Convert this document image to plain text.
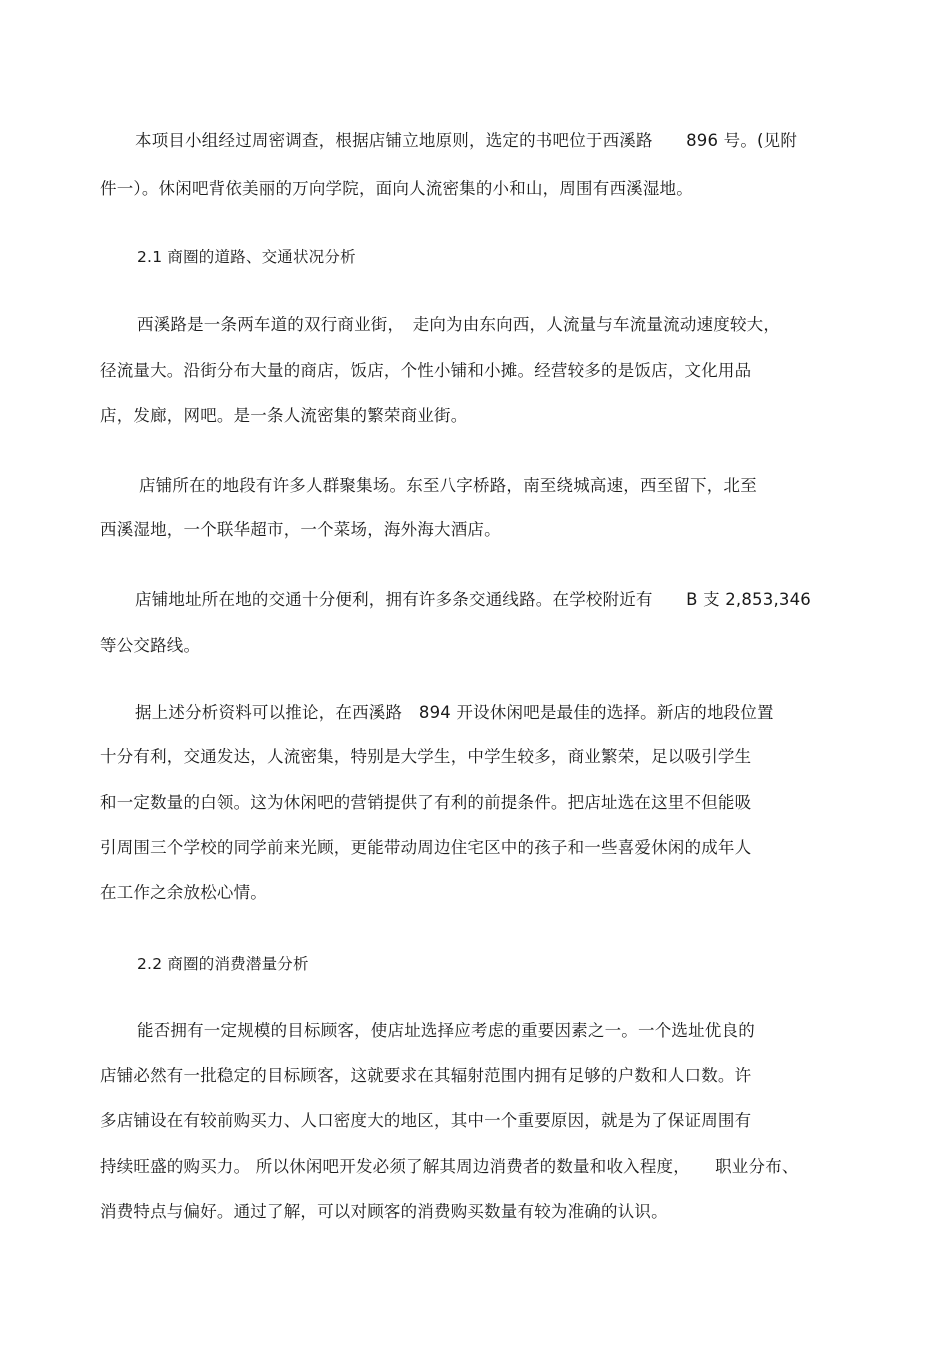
本项目小组经过周密调查，根据店铺立地原则，选定的书吧位于西溪路　　896 号。(见附
件一）。休闲吧背依美丽的万向学院，面向人流密集的小和山，周围有西溪湿地。
2.1 商圈的道路、交通状况分析
西溪路是一条两车道的双行商业街，　走向为由东向西，人流量与车流量流动速度较大，
径流量大。沿街分布大量的商店，饭店，个性小铺和小摊。经营较多的是饭店，文化用品
店，发廊，网吧。是一条人流密集的繁荣商业街。
店铺所在的地段有许多人群聚集场。东至八字桥路，南至绕城高速，西至留下，北至
西溪湿地，一个联华超市，一个菜场，海外海大酒店。
店铺地址所在地的交通十分便利，拥有许多条交通线路。在学校附近有　　B 支 2,853,346
等公交路线。
据上述分析资料可以推论，在西溪路　894 开设休闲吧是最佳的选择。新店的地段位置
十分有利，交通发达，人流密集，特别是大学生，中学生较多，商业繁荣，足以吸引学生
和一定数量的白领。这为休闲吧的营销提供了有利的前提条件。把店址选在这里不但能吸
引周围三个学校的同学前来光顾，更能带动周边住宅区中的孩子和一些喜爱休闲的成年人
在工作之余放松心情。
2.2 商圈的消费潜量分析
能否拥有一定规模的目标顾客，使店址选择应考虑的重要因素之一。一个选址优良的
店铺必然有一批稳定的目标顾客，这就要求在其辐射范围内拥有足够的户数和人口数。许
多店铺设在有较前购买力、人口密度大的地区，其中一个重要原因，就是为了保证周围有
持续旺盛的购买力。 所以休闲吧开发必须了解其周边消费者的数量和收入程度，　　职业分布、
消费特点与偏好。通过了解，可以对顾客的消费购买数量有较为准确的认识。
